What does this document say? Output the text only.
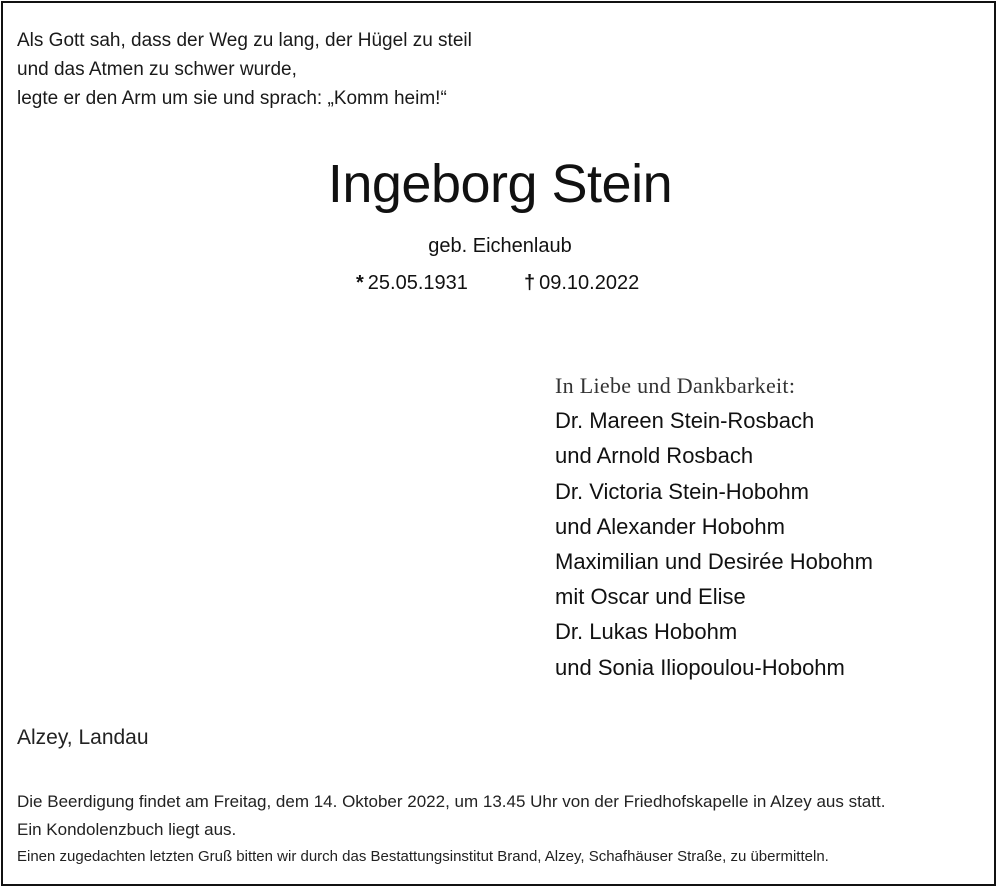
Als Gott sah, dass der Weg zu lang, der Hügel zu steil
und das Atmen zu schwer wurde,
legte er den Arm um sie und sprach: „Komm heim!“
Ingeborg Stein
geb. Eichenlaub
* 25.05.1931	† 09.10.2022
In Liebe und Dankbarkeit:
Dr. Mareen Stein-Rosbach
und Arnold Rosbach
Dr. Victoria Stein-Hobohm
und Alexander Hobohm
Maximilian und Desirée Hobohm
mit Oscar und Elise
Dr. Lukas Hobohm
und Sonia Iliopoulou-Hobohm
Alzey, Landau
Die Beerdigung findet am Freitag, dem 14. Oktober 2022, um 13.45 Uhr von der Friedhofskapelle in Alzey aus statt.
Ein Kondolenzbuch liegt aus.
Einen zugedachten letzten Gruß bitten wir durch das Bestattungsinstitut Brand, Alzey, Schafhäuser Straße, zu übermitteln.
